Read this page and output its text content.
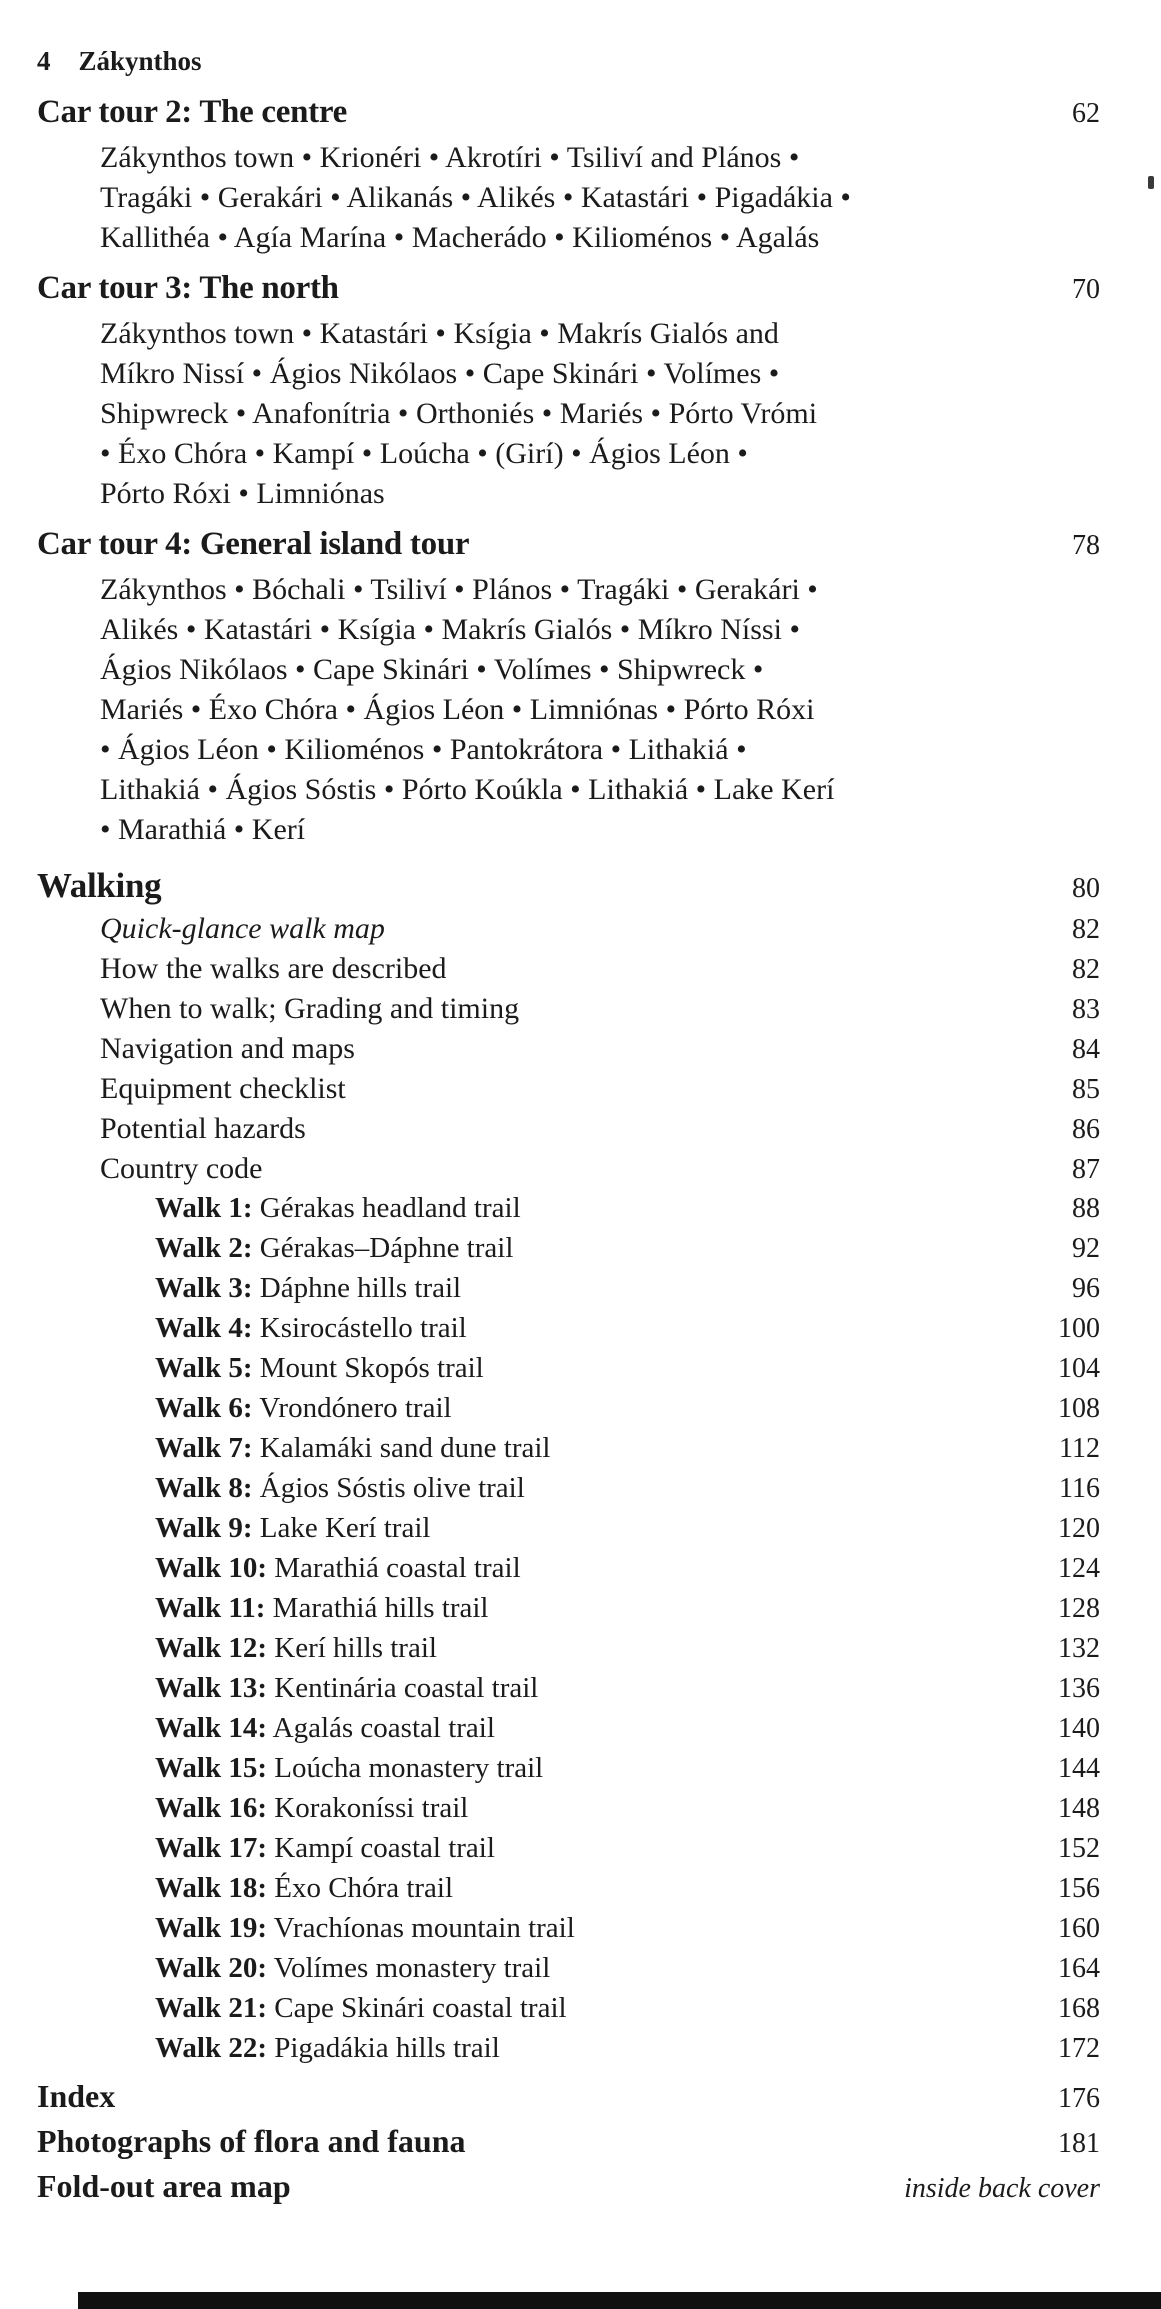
4 Zákynthos
Car tour 2: The centre	62
Zákynthos town • Krionéri • Akrotíri • Tsiliví and Plános •
Tragáki • Gerakári • Alikanás • Alikés • Katastári • Pigadákia •
Kallithéa • Agía Marína • Macherádo • Kilioménos • Agalás
Car tour 3: The north	70
Zákynthos town • Katastári • Ksígia • Makrís Gialós and
Míkro Nissí • Ágios Nikólaos • Cape Skinári • Volímes •
Shipwreck • Anafonítria • Orthoniés • Mariés • Pórto Vrómi
• Éxo Chóra • Kampí • Loúcha • (Girí) • Ágios Léon •
Pórto Róxi • Limniónas
Car tour 4: General island tour	78
Zákynthos • Bóchali • Tsiliví • Plános • Tragáki • Gerakári •
Alikés • Katastári • Ksígia • Makrís Gialós • Míkro Níssi •
Ágios Nikólaos • Cape Skinári • Volímes • Shipwreck •
Mariés • Éxo Chóra • Ágios Léon • Limniónas • Pórto Róxi
• Ágios Léon • Kilioménos • Pantokrátora • Lithakiá •
Lithakiá • Ágios Sóstis • Pórto Koúkla • Lithakiá • Lake Kerí
• Marathiá • Kerí
Walking	80
Quick-glance walk map	82
How the walks are described	82
When to walk; Grading and timing	83
Navigation and maps	84
Equipment checklist	85
Potential hazards	86
Country code	87
Walk 1: Gérakas headland trail	88
Walk 2: Gérakas–Dáphne trail	92
Walk 3: Dáphne hills trail	96
Walk 4: Ksirocástello trail	100
Walk 5: Mount Skopós trail	104
Walk 6: Vrondónero trail	108
Walk 7: Kalamáki sand dune trail	112
Walk 8: Ágios Sóstis olive trail	116
Walk 9: Lake Kerí trail	120
Walk 10: Marathiá coastal trail	124
Walk 11: Marathiá hills trail	128
Walk 12: Kerí hills trail	132
Walk 13: Kentinária coastal trail	136
Walk 14: Agalás coastal trail	140
Walk 15: Loúcha monastery trail	144
Walk 16: Korakoníssi trail	148
Walk 17: Kampí coastal trail	152
Walk 18: Éxo Chóra trail	156
Walk 19: Vrachíonas mountain trail	160
Walk 20: Volímes monastery trail	164
Walk 21: Cape Skinári coastal trail	168
Walk 22: Pigadákia hills trail	172
Index	176
Photographs of flora and fauna	181
Fold-out area map	inside back cover
